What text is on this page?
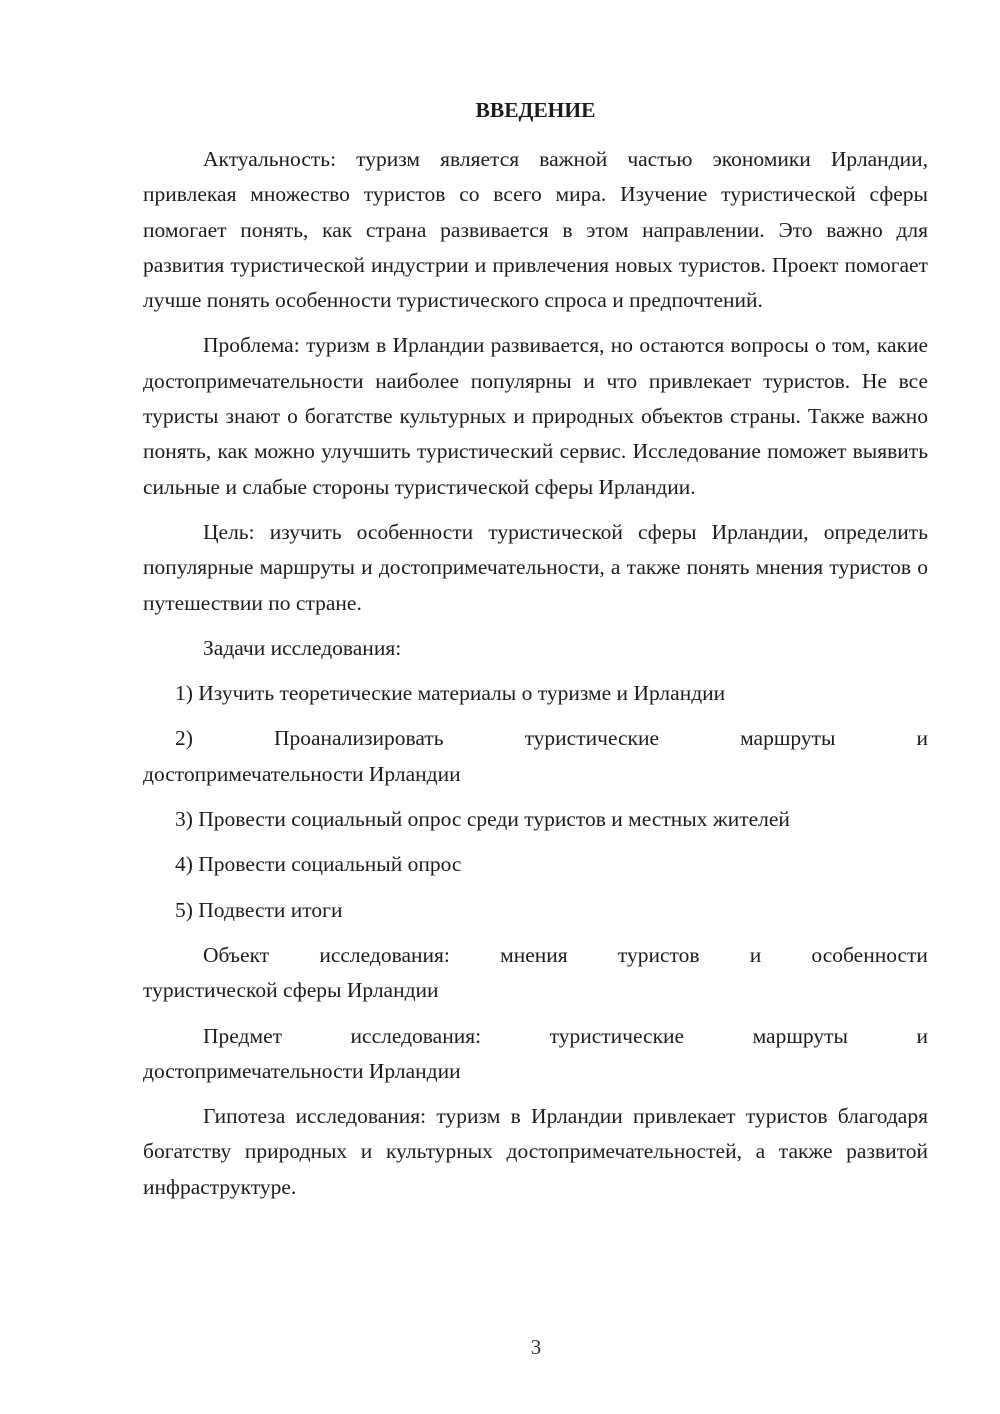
ВВЕДЕНИЕ

Актуальность: туризм является важной частью экономики Ирландии, привлекая множество туристов со всего мира. Изучение туристической сферы помогает понять, как страна развивается в этом направлении. Это важно для развития туристической индустрии и привлечения новых туристов. Проект помогает лучше понять особенности туристического спроса и предпочтений.

Проблема: туризм в Ирландии развивается, но остаются вопросы о том, какие достопримечательности наиболее популярны и что привлекает туристов. Не все туристы знают о богатстве культурных и природных объектов страны. Также важно понять, как можно улучшить туристический сервис. Исследование поможет выявить сильные и слабые стороны туристической сферы Ирландии.

Цель: изучить особенности туристической сферы Ирландии, определить популярные маршруты и достопримечательности, а также понять мнения туристов о путешествии по стране.

Задачи исследования:

1) Изучить теоретические материалы о туризме и Ирландии

2)	Проанализировать	туристические	маршруты	и
достопримечательности Ирландии

3) Провести социальный опрос среди туристов и местных жителей

4) Провести социальный опрос

5) Подвести итоги

Объект исследования: мнения туристов и особенности
туристической сферы Ирландии
Предмет	исследования:	туристические	маршруты	и
достопримечательности Ирландии

Гипотеза исследования: туризм в Ирландии привлекает туристов благодаря богатству природных и культурных достопримечательностей, а также развитой инфраструктуре.

3
